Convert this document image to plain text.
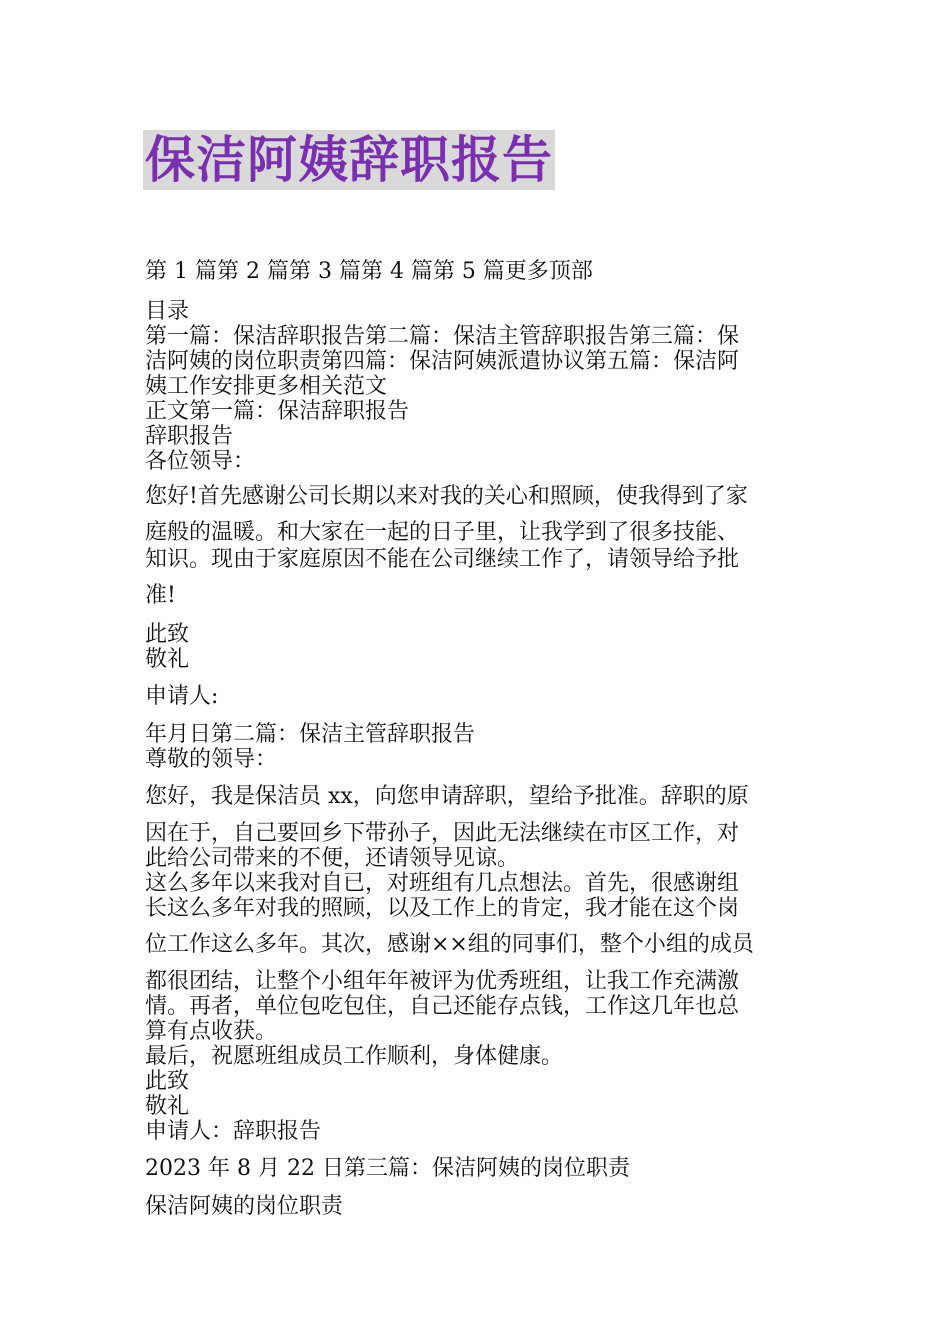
保洁阿姨辞职报告
第 1 篇第 2 篇第 3 篇第 4 篇第 5 篇更多顶部
目录
第一篇：保洁辞职报告第二篇：保洁主管辞职报告第三篇：保
洁阿姨的岗位职责第四篇：保洁阿姨派遣协议第五篇：保洁阿
姨工作安排更多相关范文
正文第一篇：保洁辞职报告
辞职报告
各位领导：
您好!首先感谢公司长期以来对我的关心和照顾，使我得到了家
庭般的温暖。和大家在一起的日子里，让我学到了很多技能、
知识。现由于家庭原因不能在公司继续工作了，请领导给予批
准!
此致
敬礼
申请人:
年月日第二篇：保洁主管辞职报告
尊敬的领导：
您好，我是保洁员 xx，向您申请辞职，望给予批准。辞职的原
因在于，自己要回乡下带孙子，因此无法继续在市区工作，对
此给公司带来的不便，还请领导见谅。
这么多年以来我对自已，对班组有几点想法。首先，很感谢组
长这么多年对我的照顾，以及工作上的肯定，我才能在这个岗
位工作这么多年。其次，感谢××组的同事们，整个小组的成员
都很团结，让整个小组年年被评为优秀班组，让我工作充满激
情。再者，单位包吃包住，自己还能存点钱，工作这几年也总
算有点收获。
最后，祝愿班组成员工作顺利，身体健康。
此致
敬礼
申请人：辞职报告
2023 年 8 月 22 日第三篇：保洁阿姨的岗位职责
保洁阿姨的岗位职责
